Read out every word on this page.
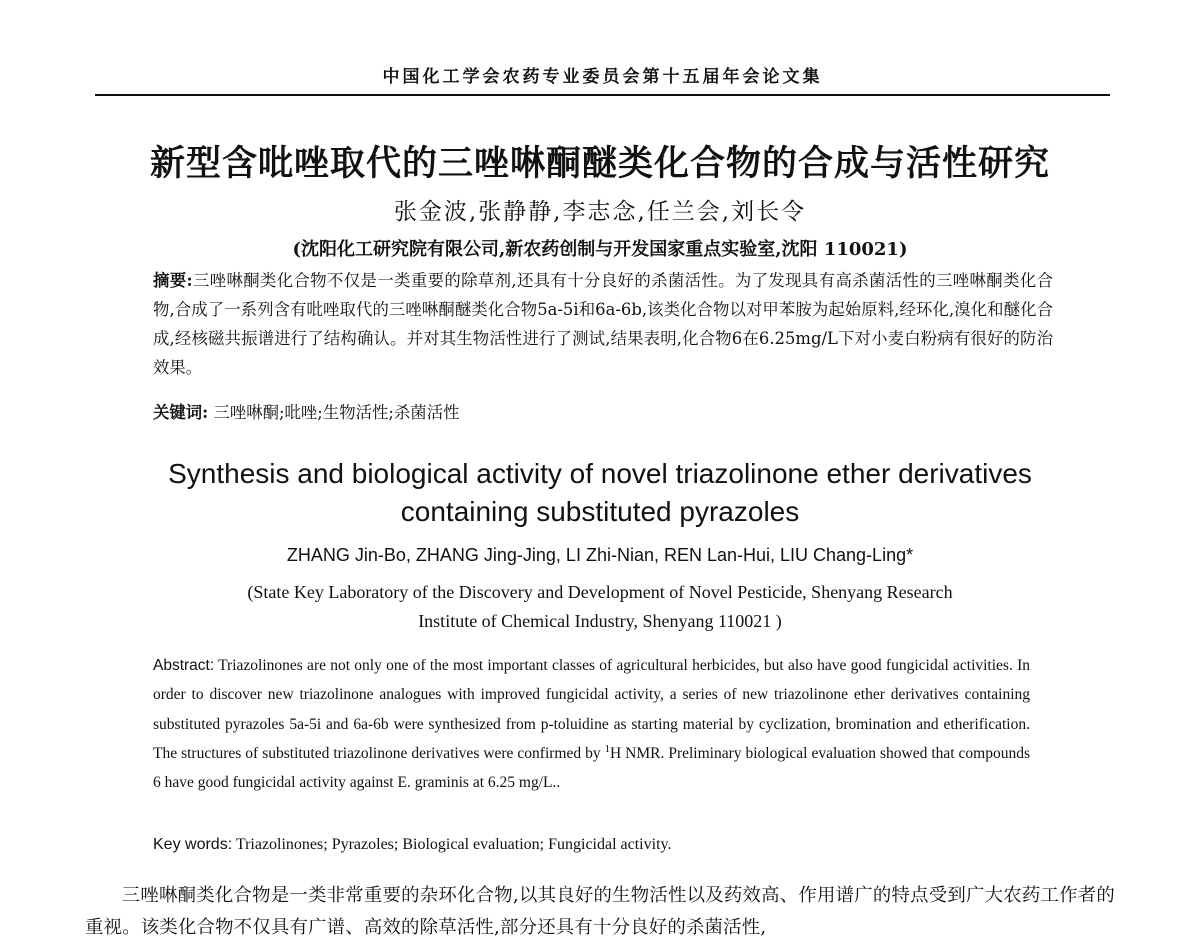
中国化工学会农药专业委员会第十五届年会论文集
新型含吡唑取代的三唑啉酮醚类化合物的合成与活性研究
张金波,张静静,李志念,任兰会,刘长令
(沈阳化工研究院有限公司,新农药创制与开发国家重点实验室,沈阳 110021)
摘要:三唑啉酮类化合物不仅是一类重要的除草剂,还具有十分良好的杀菌活性。为了发现具有高杀菌活性的三唑啉酮类化合物,合成了一系列含有吡唑取代的三唑啉酮醚类化合物5a-5i和6a-6b,该类化合物以对甲苯胺为起始原料,经环化,溴化和醚化合成,经核磁共振谱进行了结构确认。并对其生物活性进行了测试,结果表明,化合物6在6.25mg/L下对小麦白粉病有很好的防治效果。
关键词: 三唑啉酮;吡唑;生物活性;杀菌活性
Synthesis and biological activity of novel triazolinone ether derivatives
containing substituted pyrazoles
ZHANG Jin-Bo, ZHANG Jing-Jing, LI Zhi-Nian, REN Lan-Hui, LIU Chang-Ling*
(State Key Laboratory of the Discovery and Development of Novel Pesticide, Shenyang Research
Institute of Chemical Industry, Shenyang 110021 )
Abstract: Triazolinones are not only one of the most important classes of agricultural herbicides, but also have good fungicidal activities. In order to discover new triazolinone analogues with improved fungicidal activity, a series of new triazolinone ether derivatives containing substituted pyrazoles 5a-5i and 6a-6b were synthesized from p-toluidine as starting material by cyclization, bromination and etherification. The structures of substituted triazolinone derivatives were confirmed by $^1$H NMR. Preliminary biological evaluation showed that compounds 6 have good fungicidal activity against E. graminis at 6.25 mg/L..
Key words: Triazolinones; Pyrazoles; Biological evaluation; Fungicidal activity.
三唑啉酮类化合物是一类非常重要的杂环化合物,以其良好的生物活性以及药效高、作用谱广的特点受到广大农药工作者的重视。该类化合物不仅具有广谱、高效的除草活性,部分还具有十分良好的杀菌活性,
